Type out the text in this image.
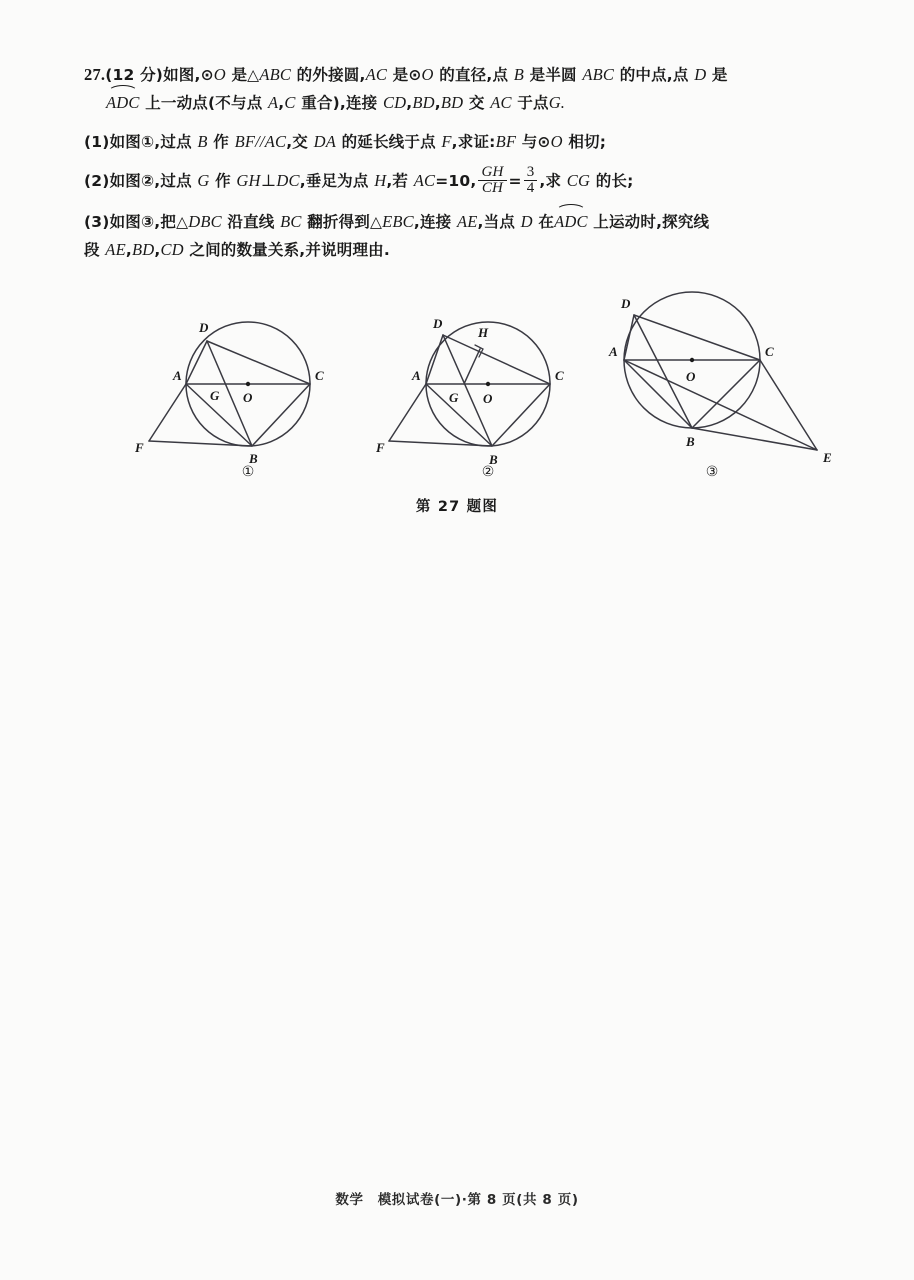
27.(12 分)如图,⊙O 是△ABC 的外接圆,AC 是⊙O 的直径,点 B 是半圆 ABC 的中点,点 D 是
ADC 上一动点(不与点 A,C 重合),连接 CD,BD,BD 交 AC 于点G.
(1)如图①,过点 B 作 BF//AC,交 DA 的延长线于点 F,求证:BF 与⊙O 相切;
(2)如图②,过点 G 作 GH⊥DC,垂足为点 H,若 AC=10, $\frac{GH}{CH} = \frac{3}{4}$ ,求 CG 的长;
(3)如图③,把△DBC 沿直线 BC 翻折得到△EBC,连接 AE,当点 D 在ADC 上运动时,探究线
段 AE,BD,CD 之间的数量关系,并说明理由.
D
A
G O
C
F
B
①
D
H
A
G O
C
F
B
②
D
A
O
C
B
E
③
第 27 题图
数学　模拟试卷(一)·第 8 页(共 8 页)
